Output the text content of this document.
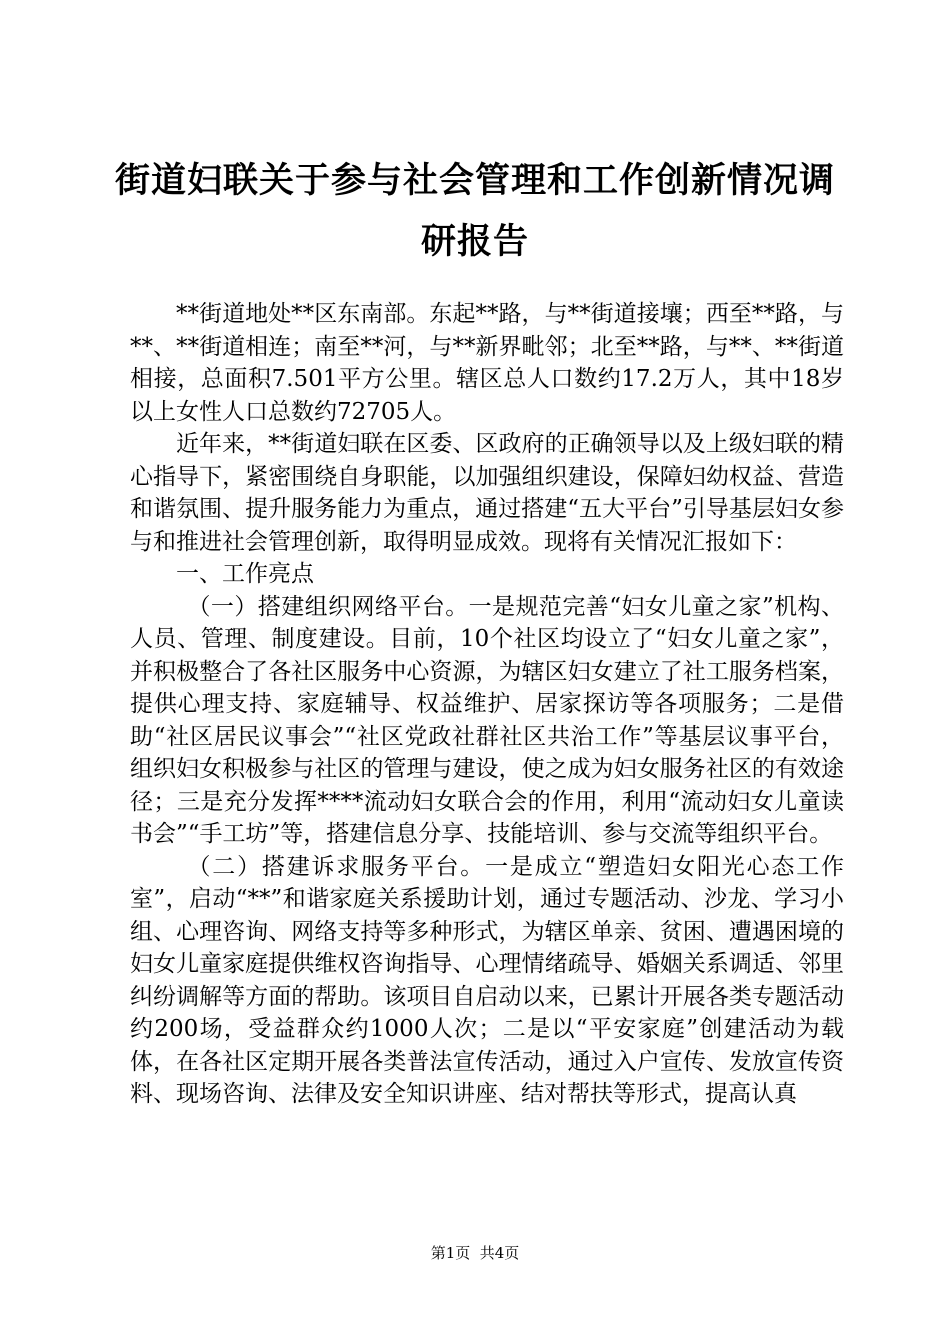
街道妇联关于参与社会管理和工作创新情况调
研报告

**街道地处**区东南部。东起**路，与**街道接壤；西至**路，与**、**街道相连；南至**河，与**新界毗邻；北至**路，与**、**街道相接，总面积7.501平方公里。辖区总人口数约17.2万人，其中18岁以上女性人口总数约72705人。

近年来，**街道妇联在区委、区政府的正确领导以及上级妇联的精心指导下，紧密围绕自身职能，以加强组织建设，保障妇幼权益、营造和谐氛围、提升服务能力为重点，通过搭建“五大平台”引导基层妇女参与和推进社会管理创新，取得明显成效。现将有关情况汇报如下：

一、工作亮点

（一）搭建组织网络平台。一是规范完善“妇女儿童之家”机构、人员、管理、制度建设。目前，10个社区均设立了“妇女儿童之家”，并积极整合了各社区服务中心资源，为辖区妇女建立了社工服务档案，提供心理支持、家庭辅导、权益维护、居家探访等各项服务；二是借助“社区居民议事会”“社区党政社群社区共治工作”等基层议事平台，组织妇女积极参与社区的管理与建设，使之成为妇女服务社区的有效途径；三是充分发挥****流动妇女联合会的作用，利用“流动妇女儿童读书会”“手工坊”等，搭建信息分享、技能培训、参与交流等组织平台。

（二）搭建诉求服务平台。一是成立“塑造妇女阳光心态工作室”，启动“**”和谐家庭关系援助计划，通过专题活动、沙龙、学习小组、心理咨询、网络支持等多种形式，为辖区单亲、贫困、遭遇困境的妇女儿童家庭提供维权咨询指导、心理情绪疏导、婚姻关系调适、邻里纠纷调解等方面的帮助。该项目自启动以来，已累计开展各类专题活动约200场，受益群众约1000人次；二是以“平安家庭”创建活动为载体，在各社区定期开展各类普法宣传活动，通过入户宣传、发放宣传资料、现场咨询、法律及安全知识讲座、结对帮扶等形式，提高认真

第1页  共4页
